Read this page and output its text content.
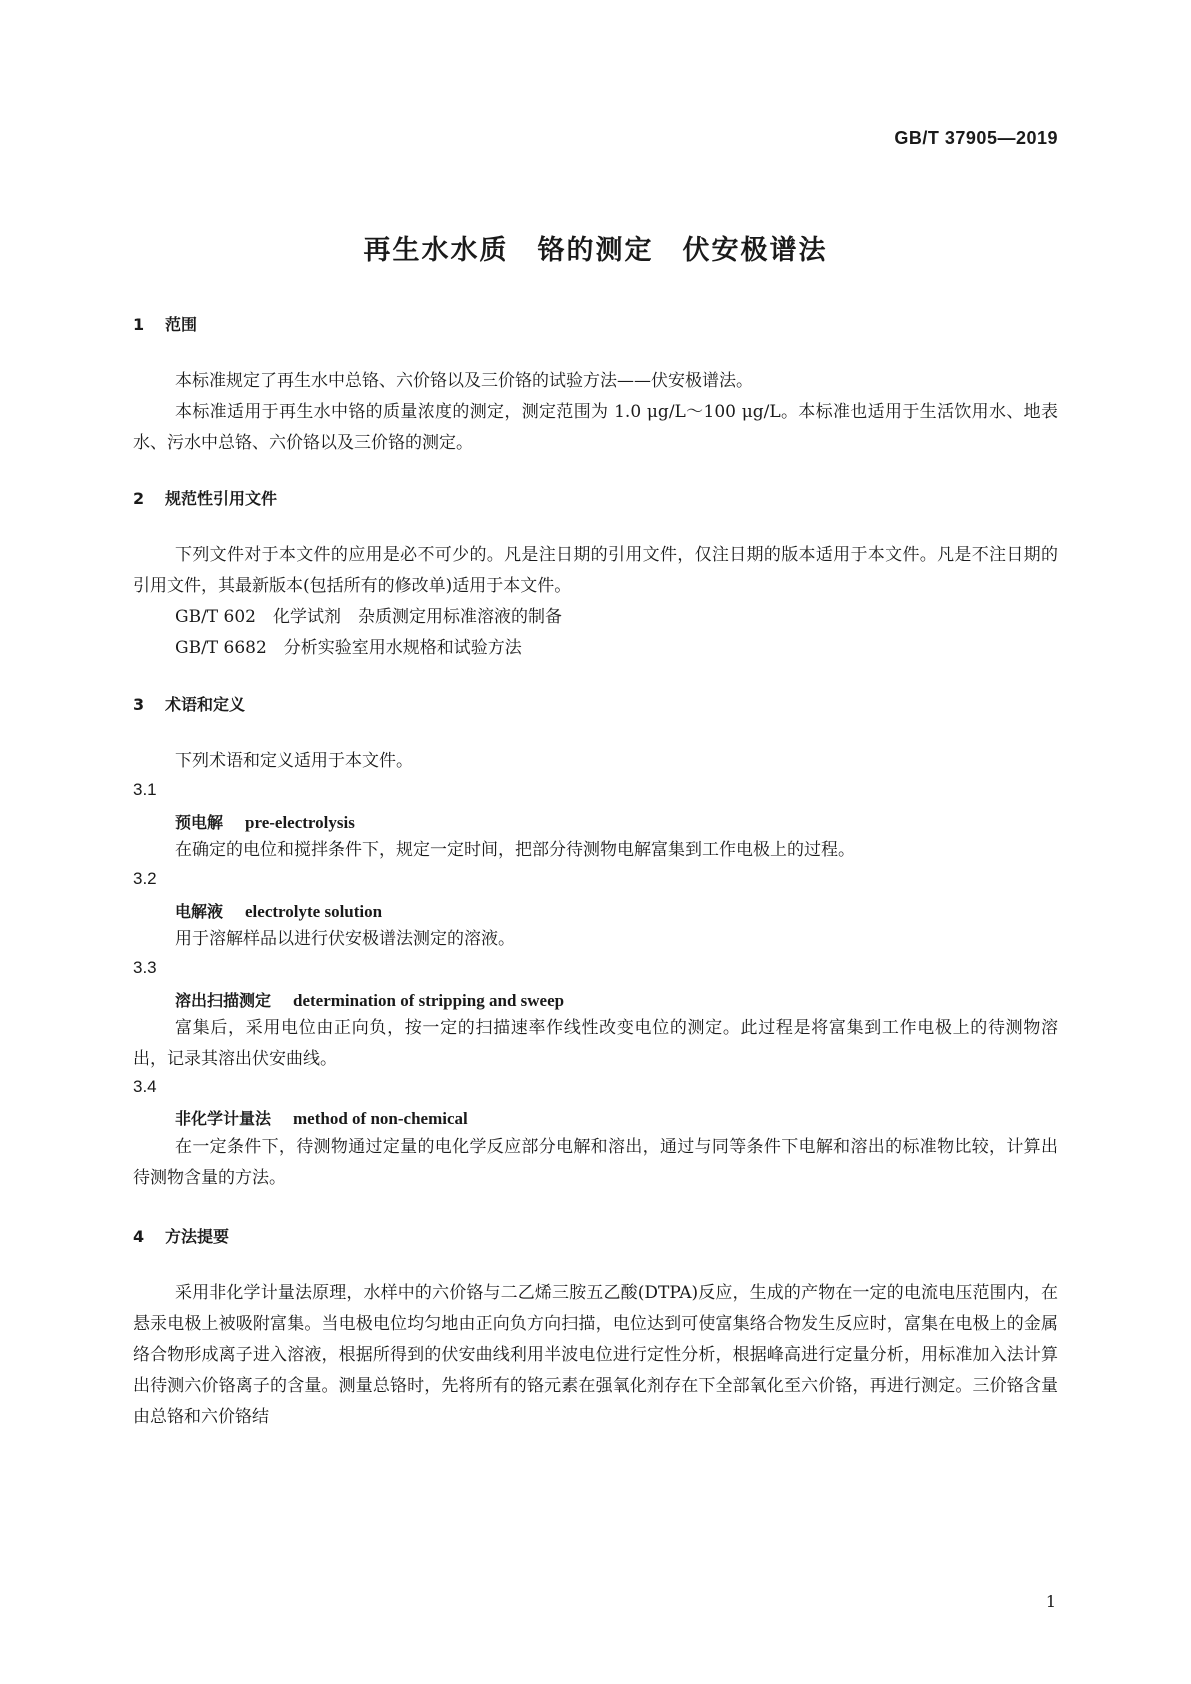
GB/T 37905—2019
再生水水质　铬的测定　伏安极谱法
1 范围
本标准规定了再生水中总铬、六价铬以及三价铬的试验方法——伏安极谱法。
本标准适用于再生水中铬的质量浓度的测定，测定范围为 1.0 μg/L～100 μg/L。本标准也适用于生活饮用水、地表水、污水中总铬、六价铬以及三价铬的测定。
2 规范性引用文件
下列文件对于本文件的应用是必不可少的。凡是注日期的引用文件，仅注日期的版本适用于本文件。凡是不注日期的引用文件，其最新版本(包括所有的修改单)适用于本文件。
GB/T 602　化学试剂　杂质测定用标准溶液的制备
GB/T 6682　分析实验室用水规格和试验方法
3 术语和定义
下列术语和定义适用于本文件。
3.1
预电解 pre-electrolysis
在确定的电位和搅拌条件下，规定一定时间，把部分待测物电解富集到工作电极上的过程。
3.2
电解液 electrolyte solution
用于溶解样品以进行伏安极谱法测定的溶液。
3.3
溶出扫描测定 determination of stripping and sweep
富集后，采用电位由正向负，按一定的扫描速率作线性改变电位的测定。此过程是将富集到工作电极上的待测物溶出，记录其溶出伏安曲线。
3.4
非化学计量法 method of non-chemical
在一定条件下，待测物通过定量的电化学反应部分电解和溶出，通过与同等条件下电解和溶出的标准物比较，计算出待测物含量的方法。
4 方法提要
采用非化学计量法原理，水样中的六价铬与二乙烯三胺五乙酸(DTPA)反应，生成的产物在一定的电流电压范围内，在悬汞电极上被吸附富集。当电极电位均匀地由正向负方向扫描，电位达到可使富集络合物发生反应时，富集在电极上的金属络合物形成离子进入溶液，根据所得到的伏安曲线利用半波电位进行定性分析，根据峰高进行定量分析，用标准加入法计算出待测六价铬离子的含量。测量总铬时，先将所有的铬元素在强氧化剂存在下全部氧化至六价铬，再进行测定。三价铬含量由总铬和六价铬结
1
